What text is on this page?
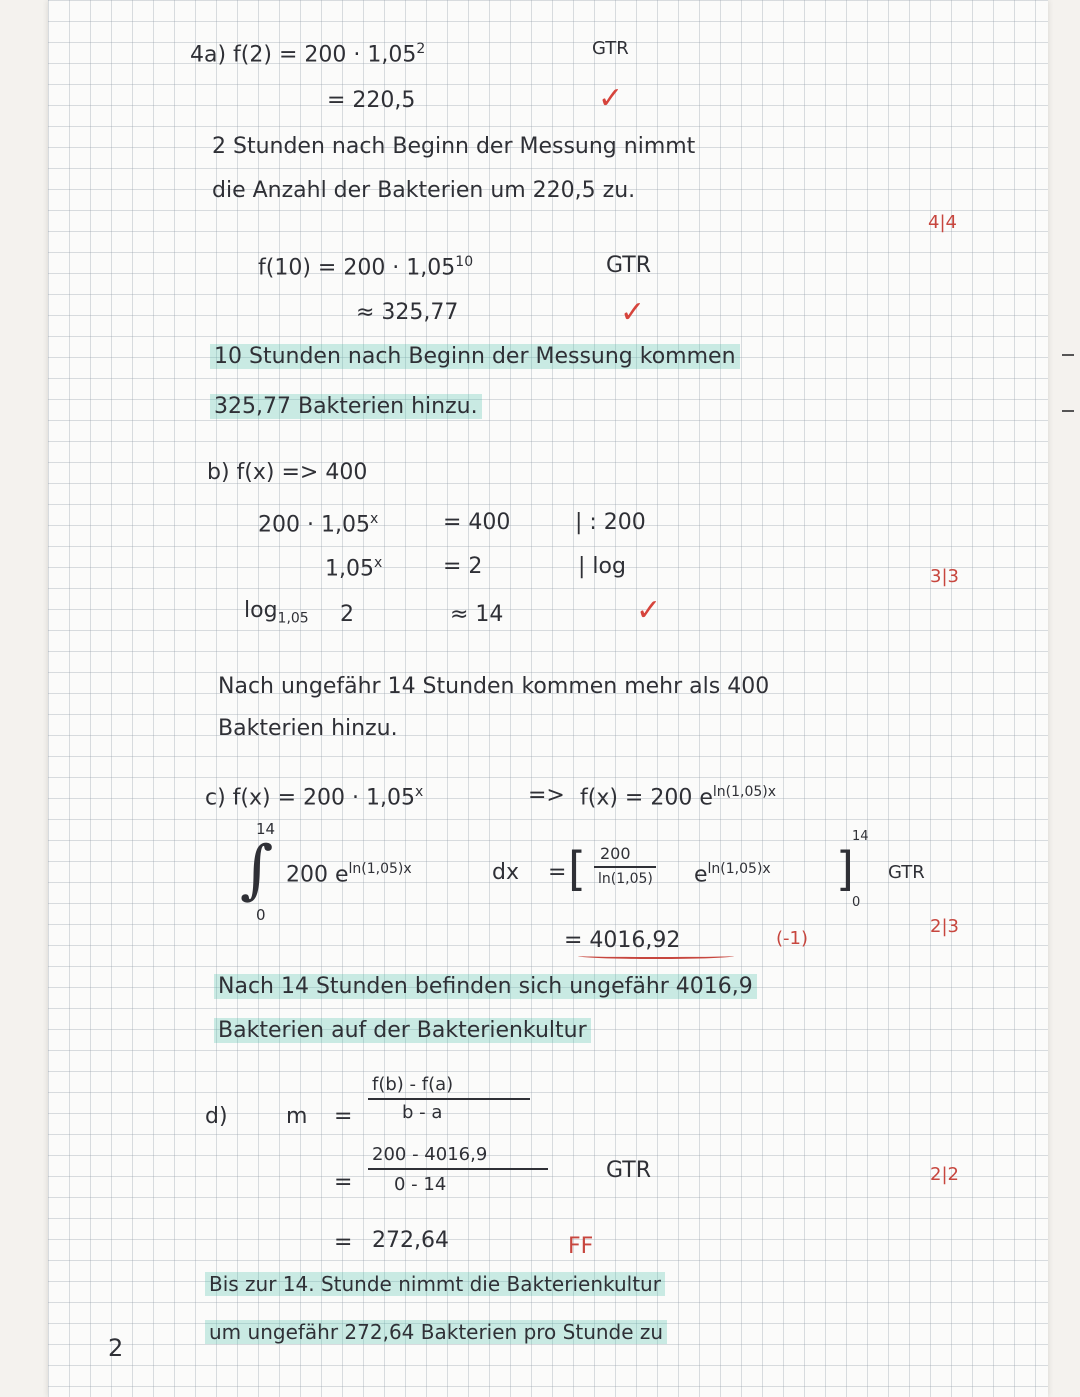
4a) $f(2) = 200 \cdot 1,05^2$	GTR
= 220,5	✓
2 Stunden nach Beginn der Messung nimmt
die Anzahl der Bakterien um 220,5 zu.
$f(10) = 200 \cdot 1,05^{10}$	GTR
≈ 325,77	✓
10 Stunden nach Beginn der Messung kommen
325,77 Bakterien hinzu.
b) f(x) => 400
$200 \cdot 1,05^x$	= 400	| : 200
$1,05^x$	= 2	| log
$\log_{1,05} 2$	≈ 14	✓
Nach ungefähr 14 Stunden kommen mehr als 400
Bakterien hinzu.
c) $f(x) = 200 \cdot 1,05^x$	=> f(x) = 200 $e^{ln(1,05)x}$
14
∫
0
200 $e^{ln(1,05)x}$	dx = [ 200
ln(1,05) $e^{ln(1,05)x}$ ]
14
0
GTR
= 4016,92	(-1)
Nach 14 Stunden befinden sich ungefähr 4016,9
Bakterien auf der Bakterienkultur
d)	m =
f(b) - f(a)
b - a
=
200 - 4016,9
0 - 14
GTR
= 272,64	FF
Bis zur 14. Stunde nimmt die Bakterienkultur
um ungefähr 272,64 Bakterien pro Stunde zu
4|4
3|3
2|3
2|2
2
